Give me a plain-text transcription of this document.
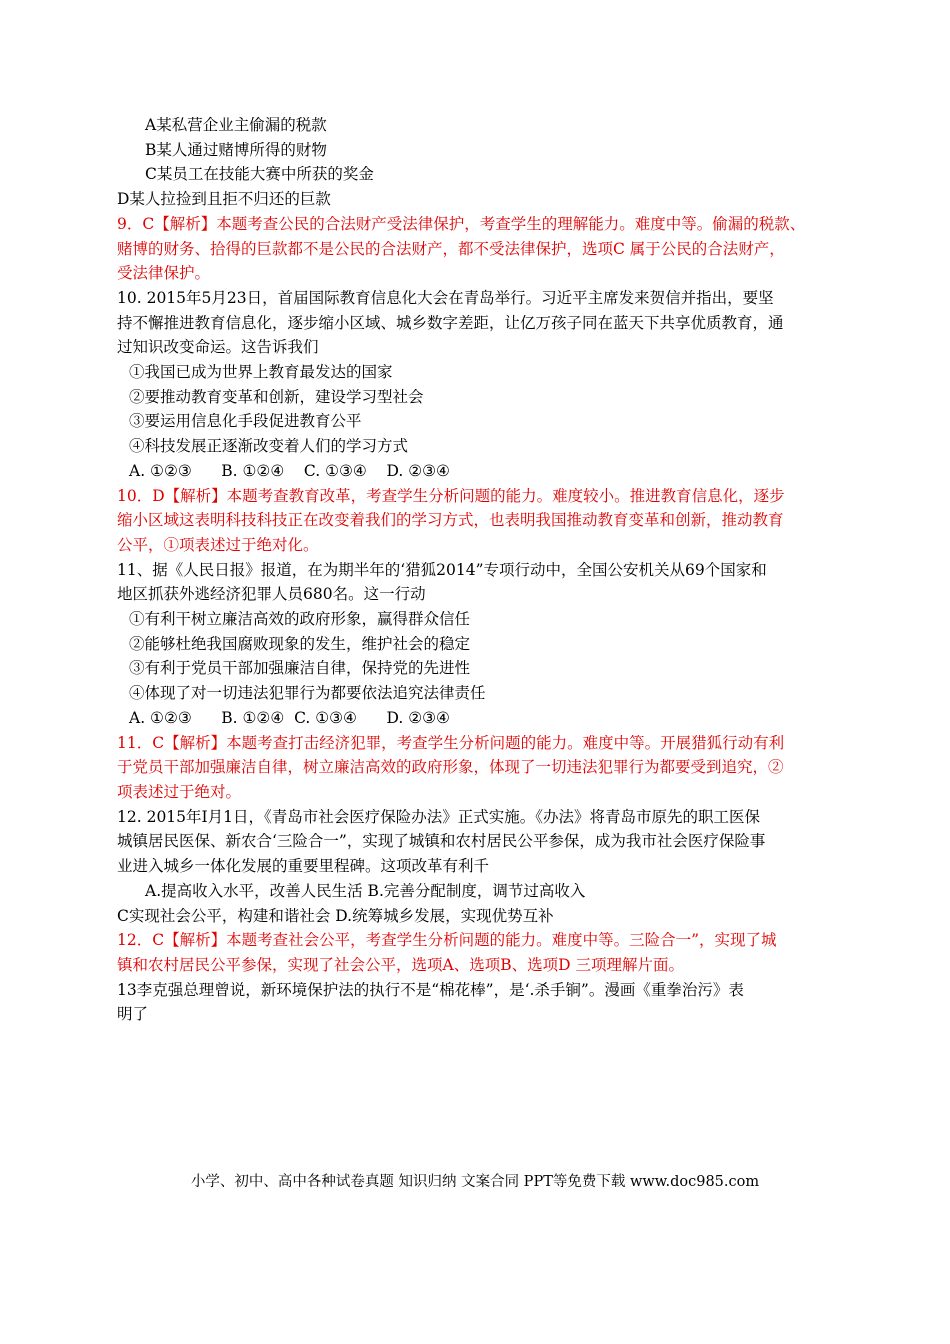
A某私营企业主偷漏的税款
B某人通过赌博所得的财物
C某员工在技能大赛中所获的奖金
D某人拉捡到且拒不归还的巨款
9．C【解析】本题考查公民的合法财产受法律保护，考查学生的理解能力。难度中等。偷漏的税款、
赌博的财务、拾得的巨款都不是公民的合法财产，都不受法律保护，选项C 属于公民的合法财产，
受法律保护。
10. 2015年5月23日，首届国际教育信息化大会在青岛举行。习近平主席发来贺信并指出，要坚
持不懈推进教育信息化，逐步缩小区域、城乡数字差距，让亿万孩子同在蓝天下共享优质教育，通
过知识改变命运。这告诉我们
①我国已成为世界上教育最发达的国家
②要推动教育变革和创新，建设学习型社会
③要运用信息化手段促进教育公平
④科技发展正逐渐改变着人们的学习方式
A. ①②③      B. ①②④    C. ①③④    D. ②③④
10．D【解析】本题考查教育改革，考查学生分析问题的能力。难度较小。推进教育信息化，逐步
缩小区域这表明科技科技正在改变着我们的学习方式，也表明我国推动教育变革和创新，推动教育
公平，①项表述过于绝对化。
11、据《人民日报》报道，在为期半年的‘猎狐2014”专项行动中，全国公安机关从69个国家和
地区抓获外逃经济犯罪人员680名。这一行动
①有利干树立廉洁高效的政府形象，赢得群众信任
②能够杜绝我国腐败现象的发生，维护社会的稳定
③有利于党员干部加强廉洁自律，保持党的先进性
④体现了对一切违法犯罪行为都要依法追究法律责任
A. ①②③      B. ①②④  C. ①③④      D. ②③④
11．C【解析】本题考查打击经济犯罪，考查学生分析问题的能力。难度中等。开展猎狐行动有利
于党员干部加强廉洁自律，树立廉洁高效的政府形象，体现了一切违法犯罪行为都要受到追究，②
项表述过于绝对。
12. 2015年Ⅰ月1日，《青岛市社会医疗保险办法》正式实施。《办法》将青岛市原先的职工医保
城镇居民医保、新农合‘三险合一”，实现了城镇和农村居民公平参保，成为我市社会医疗保险事
业进入城乡一体化发展的重要里程碑。这项改革有利千
A.提高收入水平，改善人民生活 B.完善分配制度，调节过高收入
C实现社会公平，构建和谐社会 D.统筹城乡发展，实现优势互补
12．C【解析】本题考查社会公平，考查学生分析问题的能力。难度中等。三险合一”，实现了城
镇和农村居民公平参保，实现了社会公平，选项A、选项B、选项D 三项理解片面。
13李克强总理曾说，新环境保护法的执行不是“棉花棒”，是‘.杀手锏”。漫画《重拳治污》表
明了
小学、初中、高中各种试卷真题 知识归纳 文案合同 PPT等免费下载 www.doc985.com
